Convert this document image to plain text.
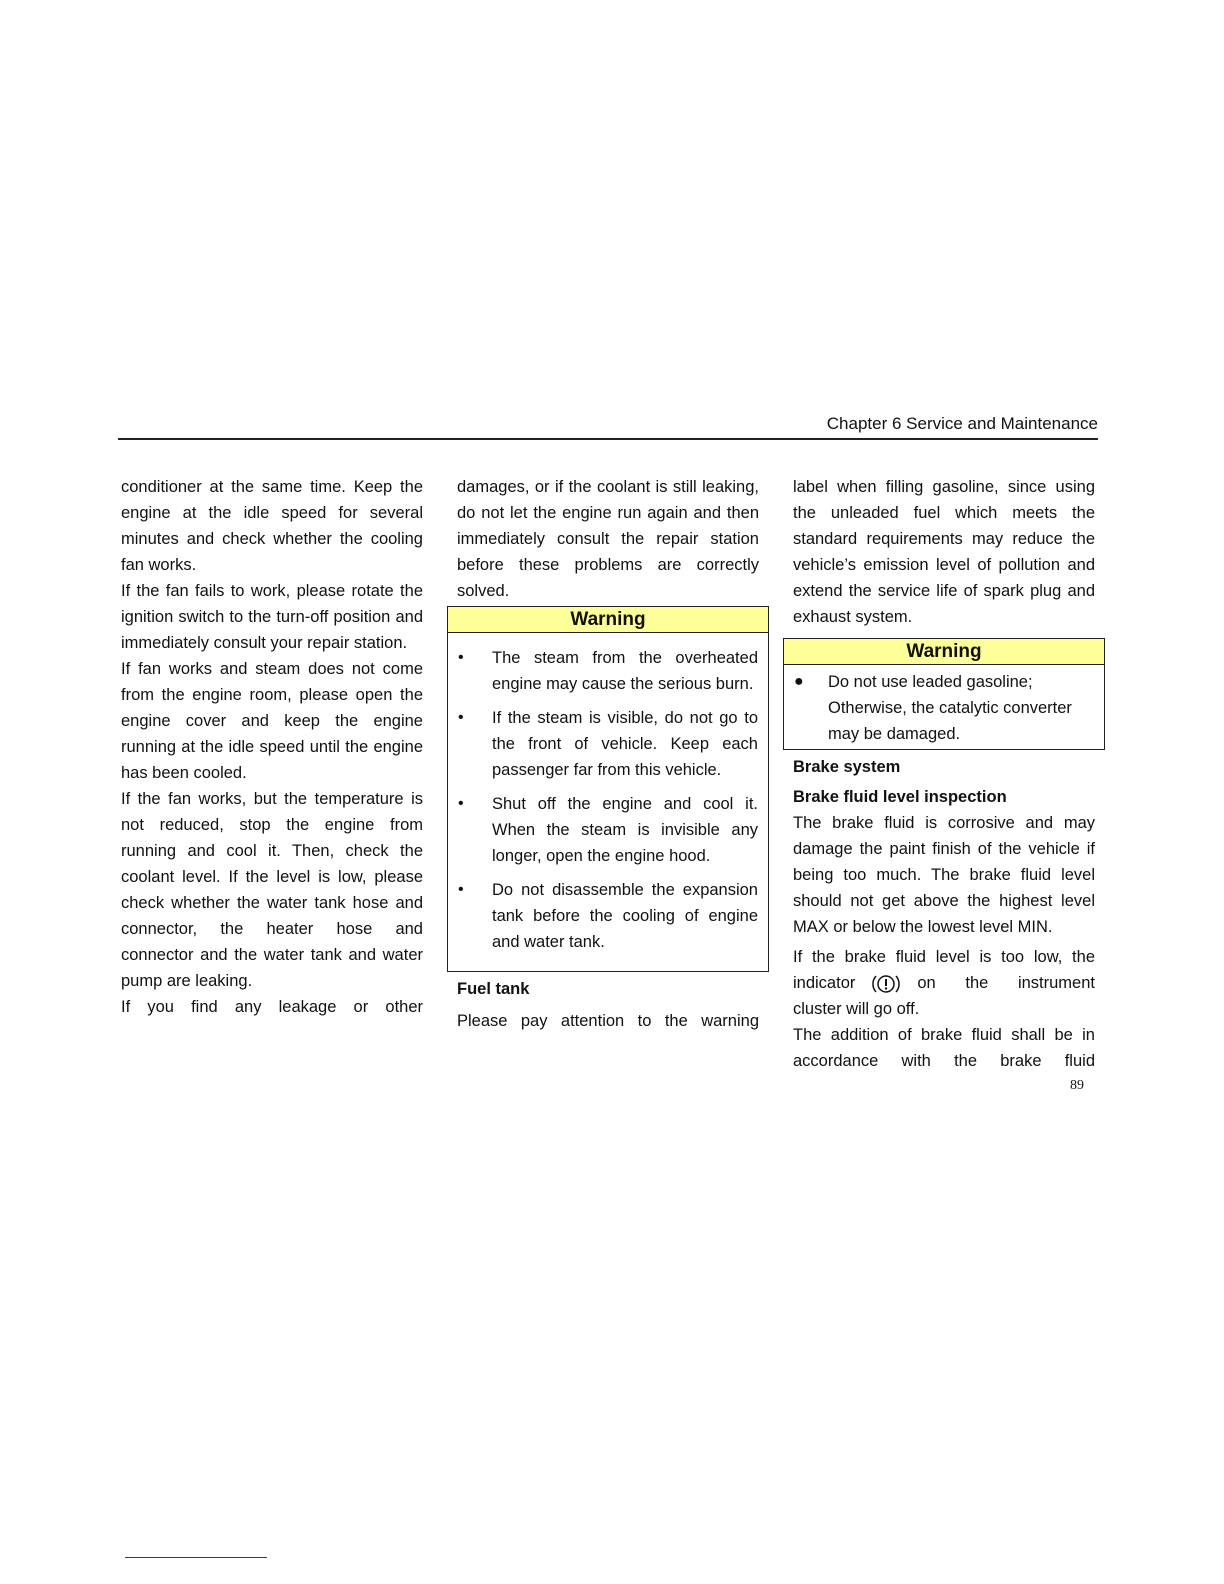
Chapter 6 Service and Maintenance

conditioner at the same time. Keep the engine at the idle speed for several minutes and check whether the cooling fan works.

If the fan fails to work, please rotate the ignition switch to the turn-off position and immediately consult your repair station.

If fan works and steam does not come from the engine room, please open the engine cover and keep the engine running at the idle speed until the engine has been cooled.

If the fan works, but the temperature is not reduced, stop the engine from running and cool it. Then, check the coolant level. If the level is low, please check whether the water tank hose and connector, the heater hose and connector and the water tank and water pump are leaking.

If you find any leakage or other

damages, or if the coolant is still leaking, do not let the engine run again and then immediately consult the repair station before these problems are correctly solved.

Warning
• The steam from the overheated engine may cause the serious burn.
• If the steam is visible, do not go to the front of vehicle. Keep each passenger far from this vehicle.
• Shut off the engine and cool it. When the steam is invisible any longer, open the engine hood.
• Do not disassemble the expansion tank before the cooling of engine and water tank.

Fuel tank

Please pay attention to the warning

label when filling gasoline, since using the unleaded fuel which meets the standard requirements may reduce the vehicle’s emission level of pollution and extend the service life of spark plug and exhaust system.

Warning
● Do not use leaded gasoline; Otherwise, the catalytic converter may be damaged.

Brake system

Brake fluid level inspection

The brake fluid is corrosive and may damage the paint finish of the vehicle if being too much. The brake fluid level should not get above the highest level MAX or below the lowest level MIN.

If the brake fluid level is too low, the indicator	on the instrument cluster will go off.

The addition of brake fluid shall be in accordance with the brake fluid

89
